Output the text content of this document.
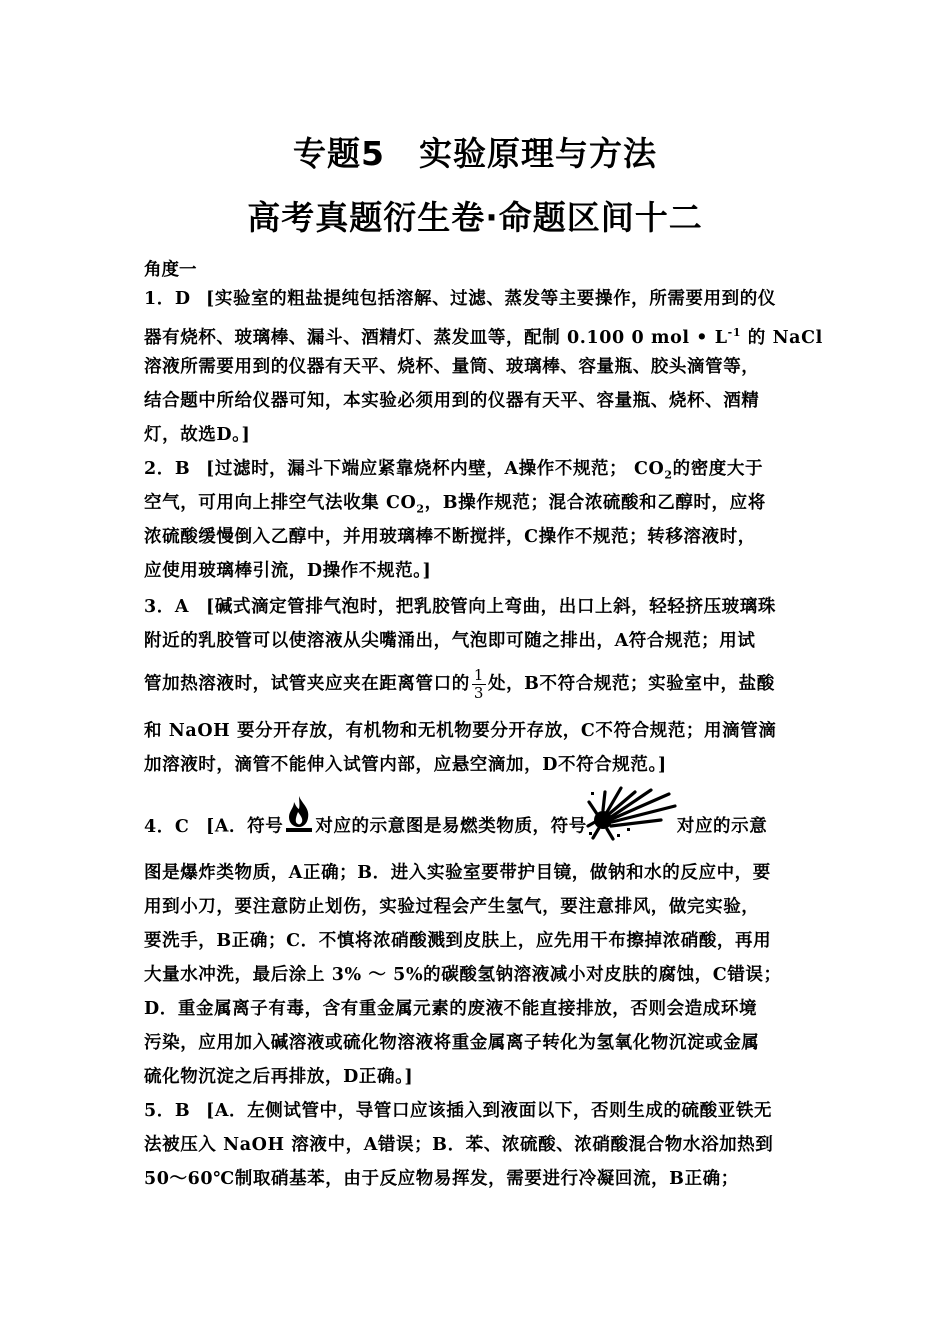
专题5　实验原理与方法
高考真题衍生卷·命题区间十二
角度一
1．D [实验室的粗盐提纯包括溶解、过滤、蒸发等主要操作，所需要用到的仪
器有烧杯、玻璃棒、漏斗、酒精灯、蒸发皿等，配制 0.100 0 mol • $L^{-1}$ 的 NaCl
溶液所需要用到的仪器有天平、烧杯、量筒、玻璃棒、容量瓶、胶头滴管等，
结合题中所给仪器可知，本实验必须用到的仪器有天平、容量瓶、烧杯、酒精
灯，故选D。]
2．B [过滤时，漏斗下端应紧靠烧杯内壁，A操作不规范； $CO_2$的密度大于
空气，可用向上排空气法收集 $CO_2$，B操作规范；混合浓硫酸和乙醇时，应将
浓硫酸缓慢倒入乙醇中，并用玻璃棒不断搅拌，C操作不规范；转移溶液时，
应使用玻璃棒引流，D操作不规范。]
3．A [碱式滴定管排气泡时，把乳胶管向上弯曲，出口上斜，轻轻挤压玻璃珠
附近的乳胶管可以使溶液从尖嘴涌出，气泡即可随之排出，A符合规范；用试
管加热溶液时，试管夹应夹在距离管口的 $\frac{1}{3}$ 处，B不符合规范；实验室中，盐酸
和 NaOH 要分开存放，有机物和无机物要分开存放，C不符合规范；用滴管滴
加溶液时，滴管不能伸入试管内部，应悬空滴加，D不符合规范。]
4．C [A．符号 对应的示意图是易燃类物质，符号	对应的示意
图是爆炸类物质，A正确；B．进入实验室要带护目镜，做钠和水的反应中，要
用到小刀，要注意防止划伤，实验过程会产生氢气，要注意排风，做完实验，
要洗手，B正确；C．不慎将浓硝酸溅到皮肤上，应先用干布擦掉浓硝酸，再用
大量水冲洗，最后涂上 3% ～ 5%的碳酸氢钠溶液减小对皮肤的腐蚀，C错误；
D．重金属离子有毒，含有重金属元素的废液不能直接排放，否则会造成环境
污染，应用加入碱溶液或硫化物溶液将重金属离子转化为氢氧化物沉淀或金属
硫化物沉淀之后再排放，D正确。]
5．B [A．左侧试管中，导管口应该插入到液面以下，否则生成的硫酸亚铁无
法被压入 NaOH 溶液中，A错误；B．苯、浓硫酸、浓硝酸混合物水浴加热到
50～60℃制取硝基苯，由于反应物易挥发，需要进行冷凝回流，B正确；
